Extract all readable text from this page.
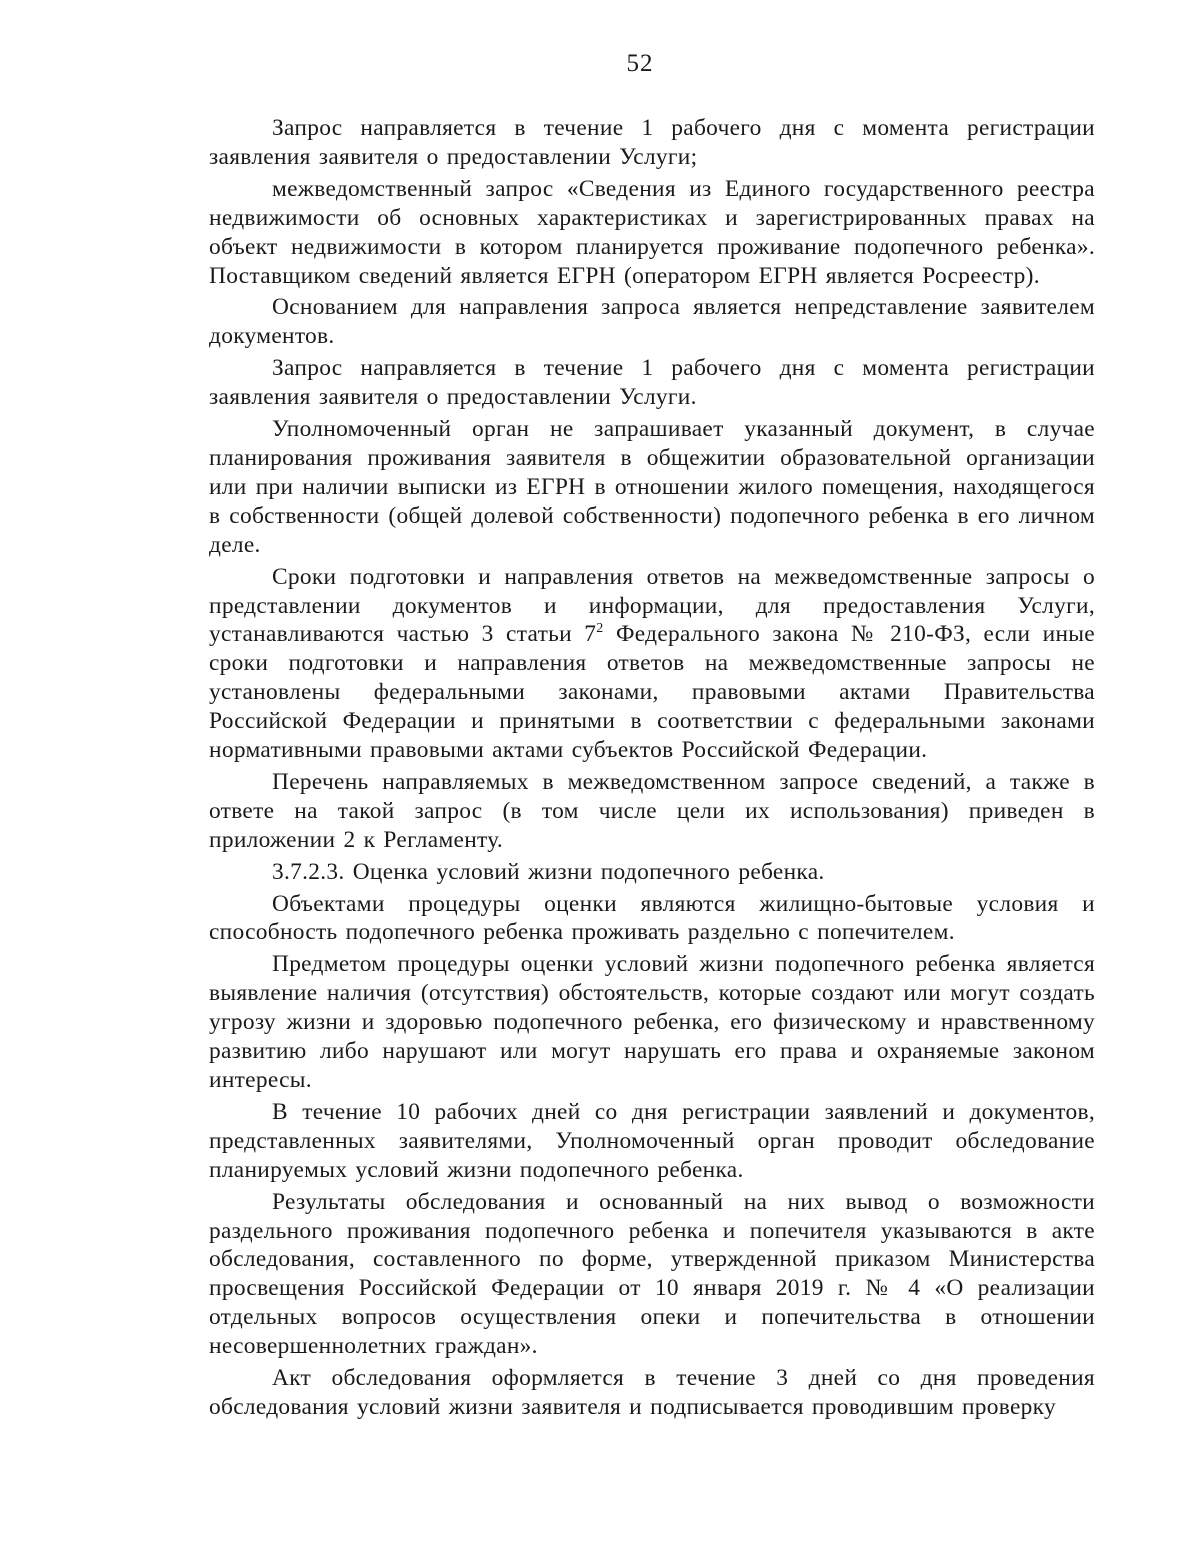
52

Запрос направляется в течение 1 рабочего дня с момента регистрации заявления заявителя о предоставлении Услуги;

межведомственный запрос «Сведения из Единого государственного реестра недвижимости об основных характеристиках и зарегистрированных правах на объект недвижимости в котором планируется проживание подопечного ребенка». Поставщиком сведений является ЕГРН (оператором ЕГРН является Росреестр).

Основанием для направления запроса является непредставление заявителем документов.

Запрос направляется в течение 1 рабочего дня с момента регистрации заявления заявителя о предоставлении Услуги.

Уполномоченный орган не запрашивает указанный документ, в случае планирования проживания заявителя в общежитии образовательной организации или при наличии выписки из ЕГРН в отношении жилого помещения, находящегося в собственности (общей долевой собственности) подопечного ребенка в его личном деле.

Сроки подготовки и направления ответов на межведомственные запросы о представлении документов и информации, для предоставления Услуги, устанавливаются частью 3 статьи $7^2$ Федерального закона № 210-ФЗ, если иные сроки подготовки и направления ответов на межведомственные запросы не установлены федеральными законами, правовыми актами Правительства Российской Федерации и принятыми в соответствии с федеральными законами нормативными правовыми актами субъектов Российской Федерации.

Перечень направляемых в межведомственном запросе сведений, а также в ответе на такой запрос (в том числе цели их использования) приведен в приложении 2 к Регламенту.

3.7.2.3. Оценка условий жизни подопечного ребенка.

Объектами процедуры оценки являются жилищно-бытовые условия и способность подопечного ребенка проживать раздельно с попечителем.

Предметом процедуры оценки условий жизни подопечного ребенка является выявление наличия (отсутствия) обстоятельств, которые создают или могут создать угрозу жизни и здоровью подопечного ребенка, его физическому и нравственному развитию либо нарушают или могут нарушать его права и охраняемые законом интересы.

В течение 10 рабочих дней со дня регистрации заявлений и документов, представленных заявителями, Уполномоченный орган проводит обследование планируемых условий жизни подопечного ребенка.

Результаты обследования и основанный на них вывод о возможности раздельного проживания подопечного ребенка и попечителя указываются в акте обследования, составленного по форме, утвержденной приказом Министерства просвещения Российской Федерации от 10 января 2019 г. № 4 «О реализации отдельных вопросов осуществления опеки и попечительства в отношении несовершеннолетних граждан».

Акт обследования оформляется в течение 3 дней со дня проведения обследования условий жизни заявителя и подписывается проводившим проверку
